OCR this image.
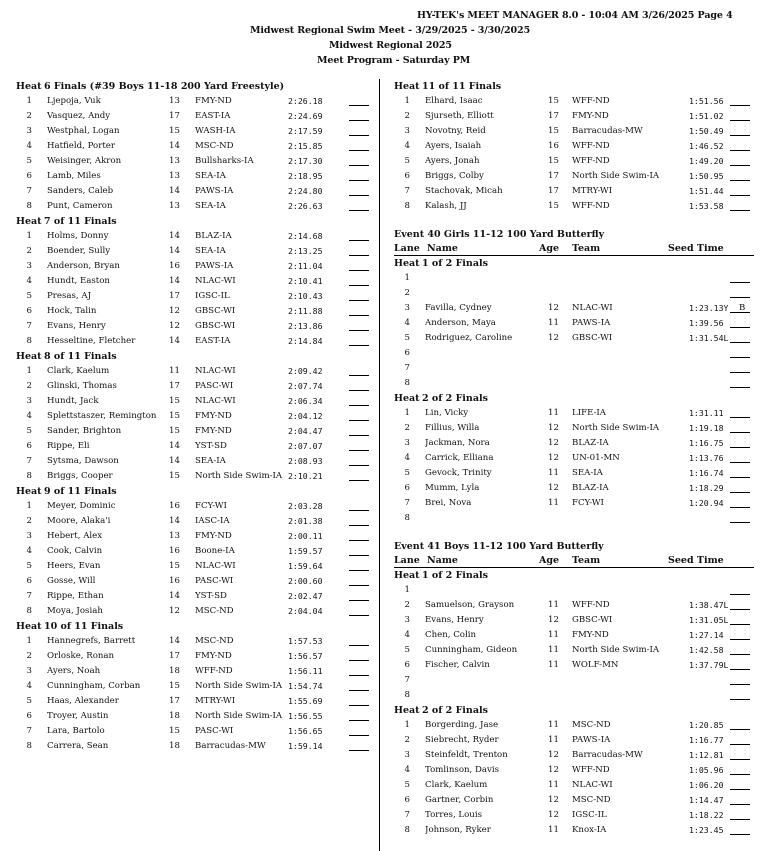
HY-TEK's MEET MANAGER 8.0 - 10:04 AM 3/26/2025 Page 4
Midwest Regional Swim Meet - 3/29/2025 - 3/30/2025
Midwest Regional 2025
Meet Program - Saturday PM
Heat 6 Finals (#39 Boys 11-18 200 Yard Freestyle)
1 Ljepoja, Vuk	13	FMY-ND	2:26.18
2 Vasquez, Andy	17	EAST-IA	2:24.69
3 Westphal, Logan	15	WASH-IA	2:17.59
4 Hatfield, Porter	14	MSC-ND	2:15.85
5 Weisinger, Akron	13	Bullsharks-IA	2:17.30
6 Lamb, Miles	13	SEA-IA	2:18.95
7 Sanders, Caleb	14	PAWS-IA	2:24.80
8 Punt, Cameron	13	SEA-IA	2:26.63
Heat 7 of 11 Finals
1 Holms, Donny	14	BLAZ-IA	2:14.68
2 Boender, Sully	14	SEA-IA	2:13.25
3 Anderson, Bryan	16	PAWS-IA	2:11.04
4 Hundt, Easton	14	NLAC-WI	2:10.41
5 Presas, AJ	17	IGSC-IL	2:10.43
6 Hock, Talin	12	GBSC-WI	2:11.88
7 Evans, Henry	12	GBSC-WI	2:13.86
8 Hesseltine, Fletcher	14	EAST-IA	2:14.84
Heat 8 of 11 Finals
1 Clark, Kaelum	11	NLAC-WI	2:09.42
2 Glinski, Thomas	17	PASC-WI	2:07.74
3 Hundt, Jack	15	NLAC-WI	2:06.34
4 Splettstaszer, Remington	15	FMY-ND	2:04.12
5 Sander, Brighton	15	FMY-ND	2:04.47
6 Rippe, Eli	14	YST-SD	2:07.07
7 Sytsma, Dawson	14	SEA-IA	2:08.93
8 Briggs, Cooper	15	North Side Swim-IA 2:10.21
Heat 9 of 11 Finals
1 Meyer, Dominic	16	FCY-WI	2:03.28
2 Moore, Alaka'i	14	IASC-IA	2:01.38
3 Hebert, Alex	13	FMY-ND	2:00.11
4 Cook, Calvin	16	Boone-IA	1:59.57
5 Heers, Evan	15	NLAC-WI	1:59.64
6 Gosse, Will	16	PASC-WI	2:00.60
7 Rippe, Ethan	14	YST-SD	2:02.47
8 Moya, Josiah	12	MSC-ND	2:04.04
Heat 10 of 11 Finals
1 Hannegrefs, Barrett	14	MSC-ND	1:57.53
2 Orloske, Ronan	17	FMY-ND	1:56.57
3 Ayers, Noah	18	WFF-ND	1:56.11
4 Cunningham, Corban	15	North Side Swim-IA 1:54.74
5 Haas, Alexander	17	MTRY-WI	1:55.69
6 Troyer, Austin	18	North Side Swim-IA 1:56.55
7 Lara, Bartolo	15	PASC-WI	1:56.65
8 Carrera, Sean	18	Barracudas-MW	1:59.14
Heat 11 of 11 Finals
1 Elhard, Isaac	15	WFF-ND	1:51.56
2 Sjurseth, Elliott	17	FMY-ND	1:51.02
3 Novotny, Reid	15	Barracudas-MW	1:50.49
4 Ayers, Isaiah	16	WFF-ND	1:46.52
5 Ayers, Jonah	15	WFF-ND	1:49.20
6 Briggs, Colby	17	North Side Swim-IA	1:50.95
7 Stachovak, Micah	17	MTRY-WI	1:51.44
8 Kalash, JJ	15	WFF-ND	1:53.58
Event 40 Girls 11-12 100 Yard Butterfly
Lane Name	Age Team	Seed Time
Heat 1 of 2 Finals
1
2
3 Favilla, Cydney	12	NLAC-WI	1:23.13Y	B
4 Anderson, Maya	11	PAWS-IA	1:39.56
5 Rodriguez, Caroline	12	GBSC-WI	1:31.54L
6
7
8
Heat 2 of 2 Finals
1 Lin, Vicky	11	LIFE-IA	1:31.11
2 Fillius, Willa	12	North Side Swim-IA	1:19.18
3 Jackman, Nora	12	BLAZ-IA	1:16.75
4 Carrick, Elliana	12	UN-01-MN	1:13.76
5 Gevock, Trinity	11	SEA-IA	1:16.74
6 Mumm, Lyla	12	BLAZ-IA	1:18.29
7 Brei, Nova	11	FCY-WI	1:20.94
8
Event 41 Boys 11-12 100 Yard Butterfly
Lane Name	Age Team	Seed Time
Heat 1 of 2 Finals
1
2 Samuelson, Grayson	11	WFF-ND	1:38.47L
3 Evans, Henry	12	GBSC-WI	1:31.05L
4 Chen, Colin	11	FMY-ND	1:27.14
5 Cunningham, Gideon	11	North Side Swim-IA	1:42.58
6 Fischer, Calvin	11	WOLF-MN	1:37.79L
7
8
Heat 2 of 2 Finals
1 Borgerding, Jase	11	MSC-ND	1:20.85
2 Siebrecht, Ryder	11	PAWS-IA	1:16.77
3 Steinfeldt, Trenton	12	Barracudas-MW	1:12.81
4 Tomlinson, Davis	12	WFF-ND	1:05.96
5 Clark, Kaelum	11	NLAC-WI	1:06.20
6 Gartner, Corbin	12	MSC-ND	1:14.47
7 Torres, Louis	12	IGSC-IL	1:18.22
8 Johnson, Ryker	11	Knox-IA	1:23.45
